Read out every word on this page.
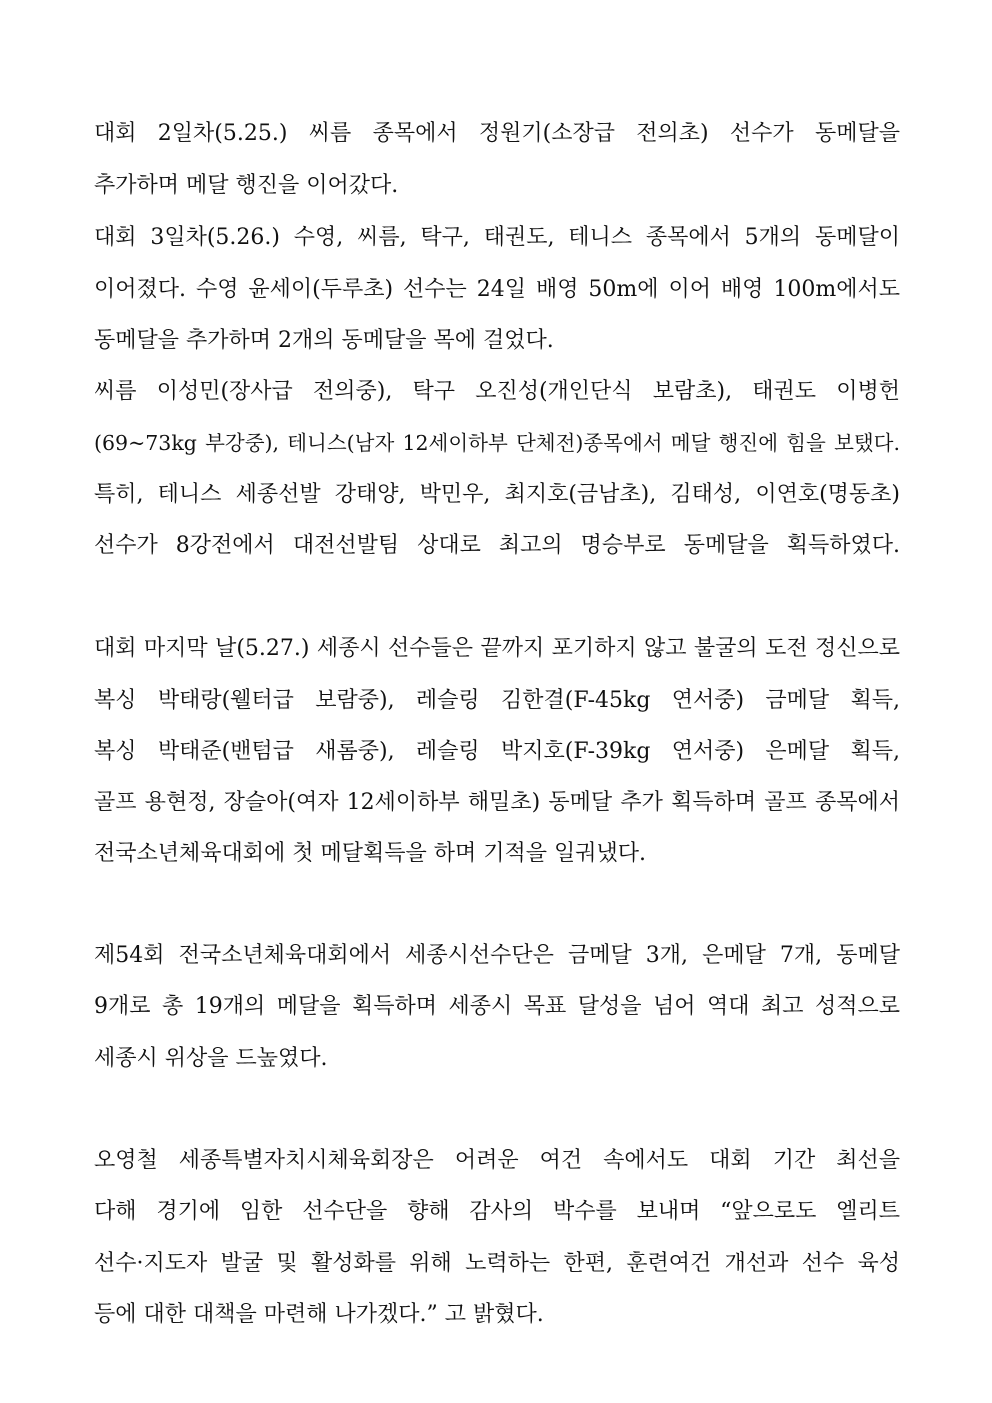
대회 2일차(5.25.) 씨름 종목에서 정원기(소장급 전의초) 선수가 동메달을
추가하며 메달 행진을 이어갔다.
대회 3일차(5.26.) 수영, 씨름, 탁구, 태권도, 테니스 종목에서 5개의 동메달이
이어졌다. 수영 윤세이(두루초) 선수는 24일 배영 50m에 이어 배영 100m에서도
동메달을 추가하며 2개의 동메달을 목에 걸었다.
씨름 이성민(장사급 전의중), 탁구 오진성(개인단식 보람초), 태권도 이병헌
(69~73kg 부강중), 테니스(남자 12세이하부 단체전)종목에서 메달 행진에 힘을 보탰다.
특히, 테니스 세종선발 강태양, 박민우, 최지호(금남초), 김태성, 이연호(명동초)
선수가 8강전에서 대전선발팀 상대로 최고의 명승부로 동메달을 획득하였다.
대회 마지막 날(5.27.) 세종시 선수들은 끝까지 포기하지 않고 불굴의 도전 정신으로
복싱 박태랑(웰터급 보람중), 레슬링 김한결(F-45kg 연서중) 금메달 획득,
복싱 박태준(밴텀급 새롬중), 레슬링 박지호(F-39kg 연서중) 은메달 획득,
골프 용현정, 장슬아(여자 12세이하부 해밀초) 동메달 추가 획득하며 골프 종목에서
전국소년체육대회에 첫 메달획득을 하며 기적을 일궈냈다.
제54회 전국소년체육대회에서 세종시선수단은 금메달 3개, 은메달 7개, 동메달
9개로 총 19개의 메달을 획득하며 세종시 목표 달성을 넘어 역대 최고 성적으로
세종시 위상을 드높였다.
오영철 세종특별자치시체육회장은 어려운 여건 속에서도 대회 기간 최선을
다해 경기에 임한 선수단을 향해 감사의 박수를 보내며 “앞으로도 엘리트
선수·지도자 발굴 및 활성화를 위해 노력하는 한편, 훈련여건 개선과 선수 육성
등에 대한 대책을 마련해 나가겠다.” 고 밝혔다.
